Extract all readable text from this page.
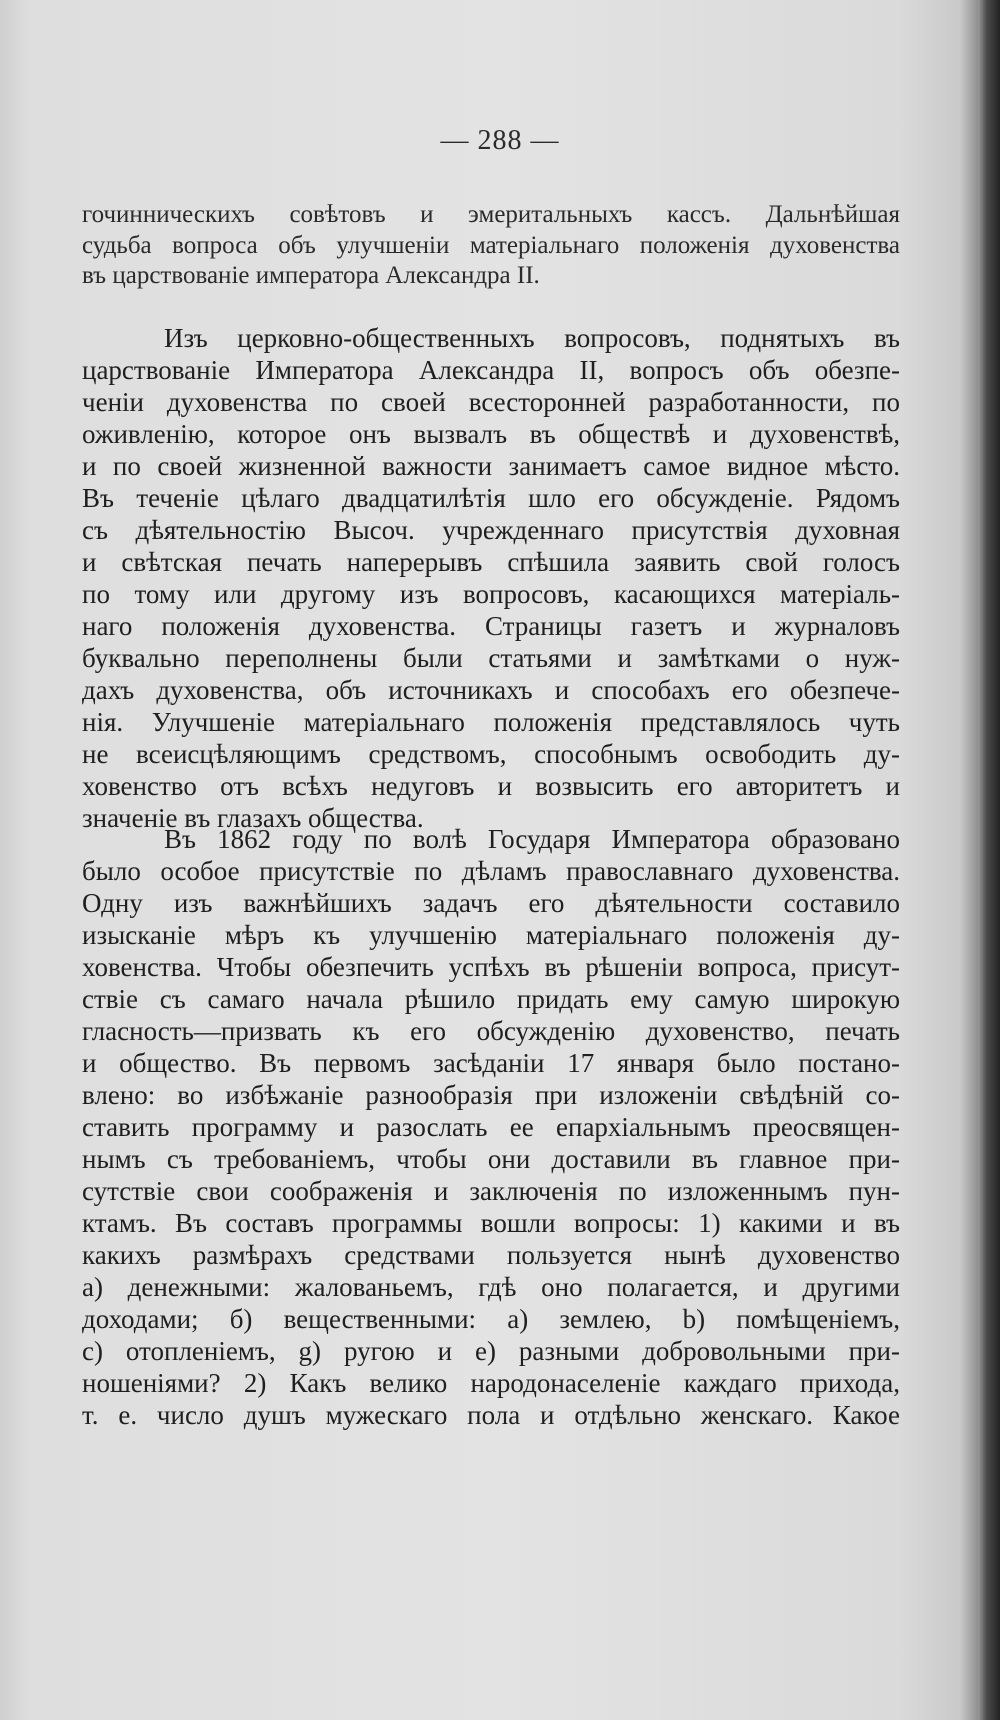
— 288 —
гочинническихъ совѣтовъ и эмеритальныхъ кассъ. Дальнѣйшая
судьба вопроса объ улучшеніи матеріальнаго положенія духовенства
въ царствованіе императора Александра II.
Изъ церковно-общественныхъ вопросовъ, поднятыхъ въ
царствованіе Императора Александра II, вопросъ объ обезпе-
ченіи духовенства по своей всесторонней разработанности, по
оживленію, которое онъ вызвалъ въ обществѣ и духовенствѣ,
и по своей жизненной важности занимаетъ самое видное мѣсто.
Въ теченіе цѣлаго двадцатилѣтія шло его обсужденіе. Рядомъ
съ дѣятельностію Высоч. учрежденнаго присутствія духовная
и свѣтская печать наперерывъ спѣшила заявить свой голосъ
по тому или другому изъ вопросовъ, касающихся матеріаль-
наго положенія духовенства. Страницы газетъ и журналовъ
буквально переполнены были статьями и замѣтками о нуж-
дахъ духовенства, объ источникахъ и способахъ его обезпече-
нія. Улучшеніе матеріальнаго положенія представлялось чуть
не всеисцѣляющимъ средствомъ, способнымъ освободить ду-
ховенство отъ всѣхъ недуговъ и возвысить его авторитетъ и
значеніе въ глазахъ общества.
Въ 1862 году по волѣ Государя Императора образовано
было особое присутствіе по дѣламъ православнаго духовенства.
Одну изъ важнѣйшихъ задачъ его дѣятельности составило
изысканіе мѣръ къ улучшенію матеріальнаго положенія ду-
ховенства. Чтобы обезпечить успѣхъ въ рѣшеніи вопроса, присут-
ствіе съ самаго начала рѣшило придать ему самую широкую
гласность—призвать къ его обсужденію духовенство, печать
и общество. Въ первомъ засѣданіи 17 января было постано-
влено: во избѣжаніе разнообразія при изложеніи свѣдѣній со-
ставить программу и разослать ее епархіальнымъ преосвящен-
нымъ съ требованіемъ, чтобы они доставили въ главное при-
сутствіе свои соображенія и заключенія по изложеннымъ пун-
ктамъ. Въ составъ программы вошли вопросы: 1) какими и въ
какихъ размѣрахъ средствами пользуется нынѣ духовенство
а) денежными: жалованьемъ, гдѣ оно полагается, и другими
доходами; б) вещественными: а) землею, b) помѣщеніемъ,
c) отопленіемъ, g) ругою и e) разными добровольными при-
ношеніями? 2) Какъ велико народонаселеніе каждаго прихода,
т. е. число душъ мужескаго пола и отдѣльно женскаго. Какое
